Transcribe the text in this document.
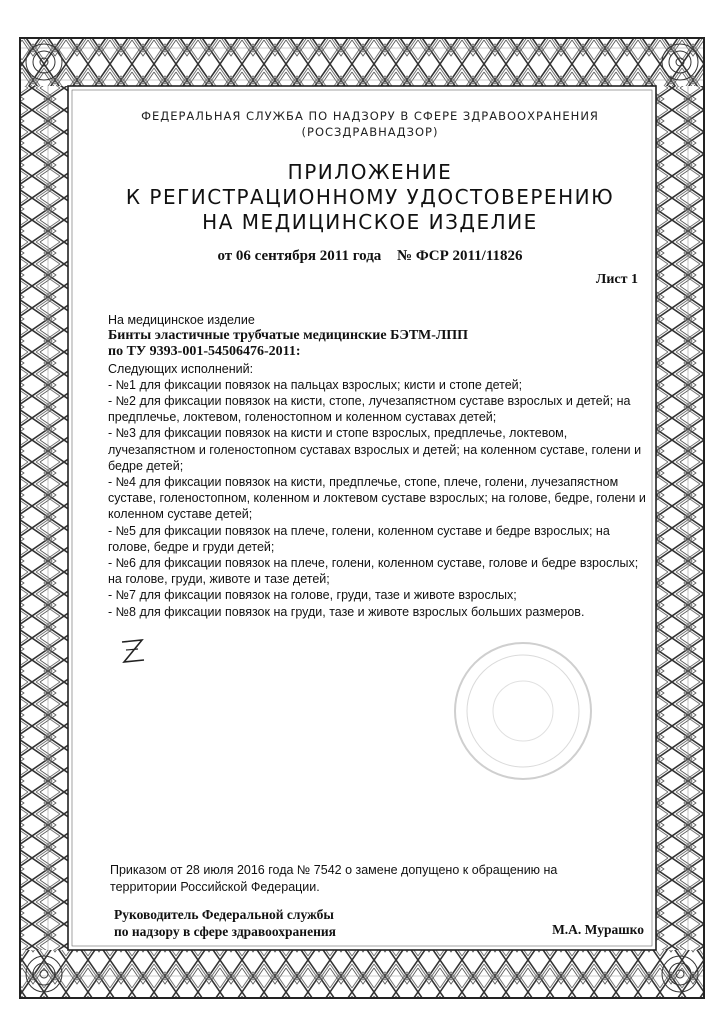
ФЕДЕРАЛЬНАЯ СЛУЖБА ПО НАДЗОРУ В СФЕРЕ ЗДРАВООХРАНЕНИЯ
(РОСЗДРАВНАДЗОР)
ПРИЛОЖЕНИЕ
К РЕГИСТРАЦИОННОМУ УДОСТОВЕРЕНИЮ
НА МЕДИЦИНСКОЕ ИЗДЕЛИЕ
от 06 сентября 2011 года № ФСР 2011/11826
Лист 1
На медицинское изделие
Бинты эластичные трубчатые медицинские БЭТМ-ЛПП
по ТУ 9393-001-54506476-2011:
Следующих исполнений:
- №1 для фиксации повязок на пальцах взрослых; кисти и стопе детей;
- №2 для фиксации повязок на кисти, стопе, лучезапястном суставе взрослых и детей; на предплечье, локтевом, голеностопном и коленном суставах детей;
- №3 для фиксации повязок на кисти и стопе взрослых, предплечье, локтевом, лучезапястном и голеностопном суставах взрослых и детей; на коленном суставе, голени и бедре детей;
- №4 для фиксации повязок на кисти, предплечье, стопе, плече, голени, лучезапястном суставе, голеностопном, коленном и локтевом суставе взрослых; на голове, бедре, голени и коленном суставе детей;
- №5 для фиксации повязок на плече, голени, коленном суставе и бедре взрослых; на голове, бедре и груди детей;
- №6 для фиксации повязок на плече, голени, коленном суставе, голове и бедре взрослых; на голове, груди, животе и тазе детей;
- №7 для фиксации повязок на голове, груди, тазе и животе взрослых;
- №8 для фиксации повязок на груди, тазе и животе взрослых больших размеров.
Приказом от 28 июля 2016 года № 7542 о замене допущено к обращению на территории Российской Федерации.
Руководитель Федеральной службы
по надзору в сфере здравоохранения	М.А. Мурашко
